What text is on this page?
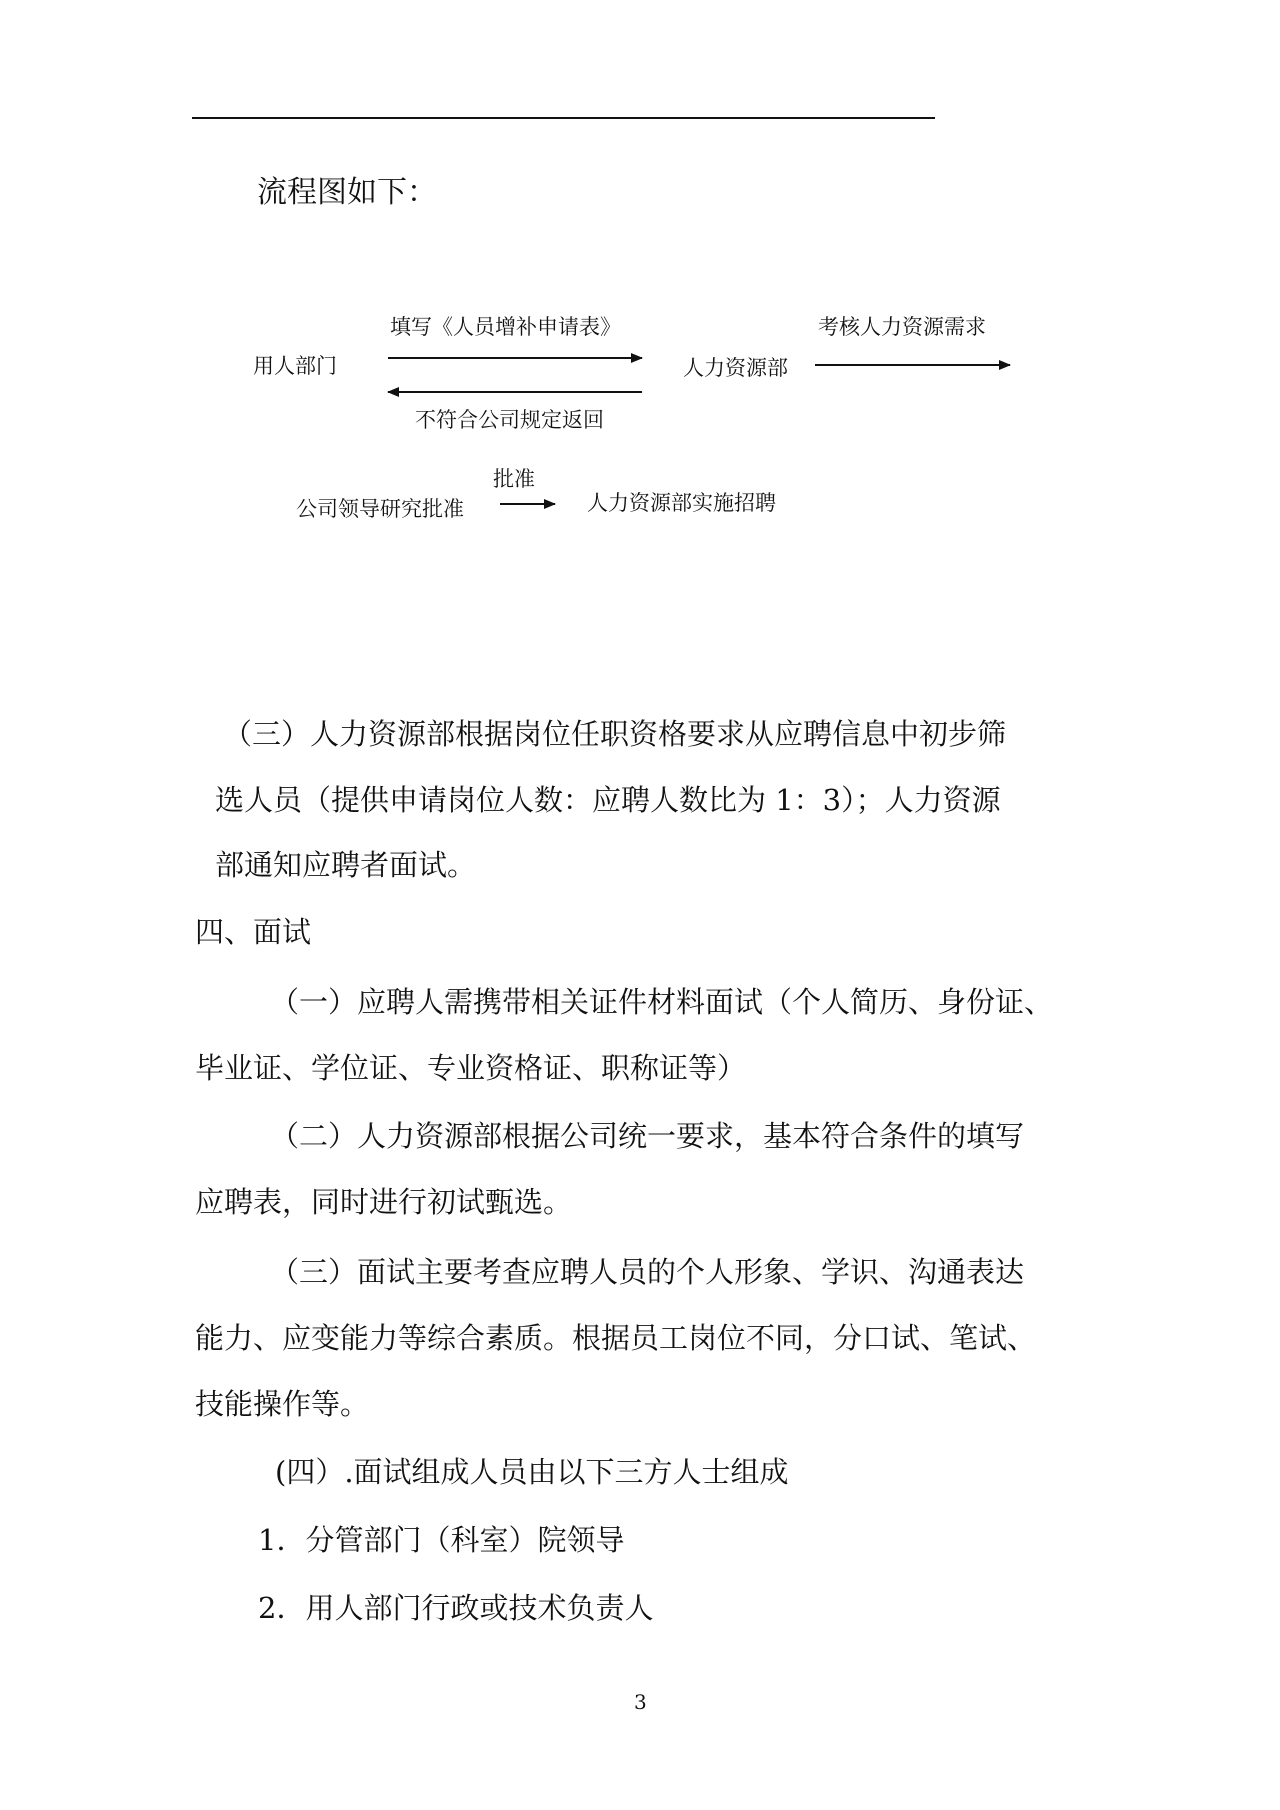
流程图如下：
用人部门
填写《人员增补申请表》
人力资源部
考核人力资源需求
不符合公司规定返回
公司领导研究批准
批准
人力资源部实施招聘
（三）人力资源部根据岗位任职资格要求从应聘信息中初步筛
选人员（提供申请岗位人数：应聘人数比为 1：3）；人力资源
部通知应聘者面试。
四、面试
（一）应聘人需携带相关证件材料面试（个人简历、身份证、
毕业证、学位证、专业资格证、职称证等）
（二）人力资源部根据公司统一要求，基本符合条件的填写
应聘表，同时进行初试甄选。
（三）面试主要考查应聘人员的个人形象、学识、沟通表达
能力、应变能力等综合素质。根据员工岗位不同，分口试、笔试、
技能操作等。
(四）.面试组成人员由以下三方人士组成
1．分管部门（科室）院领导
2．用人部门行政或技术负责人
3
